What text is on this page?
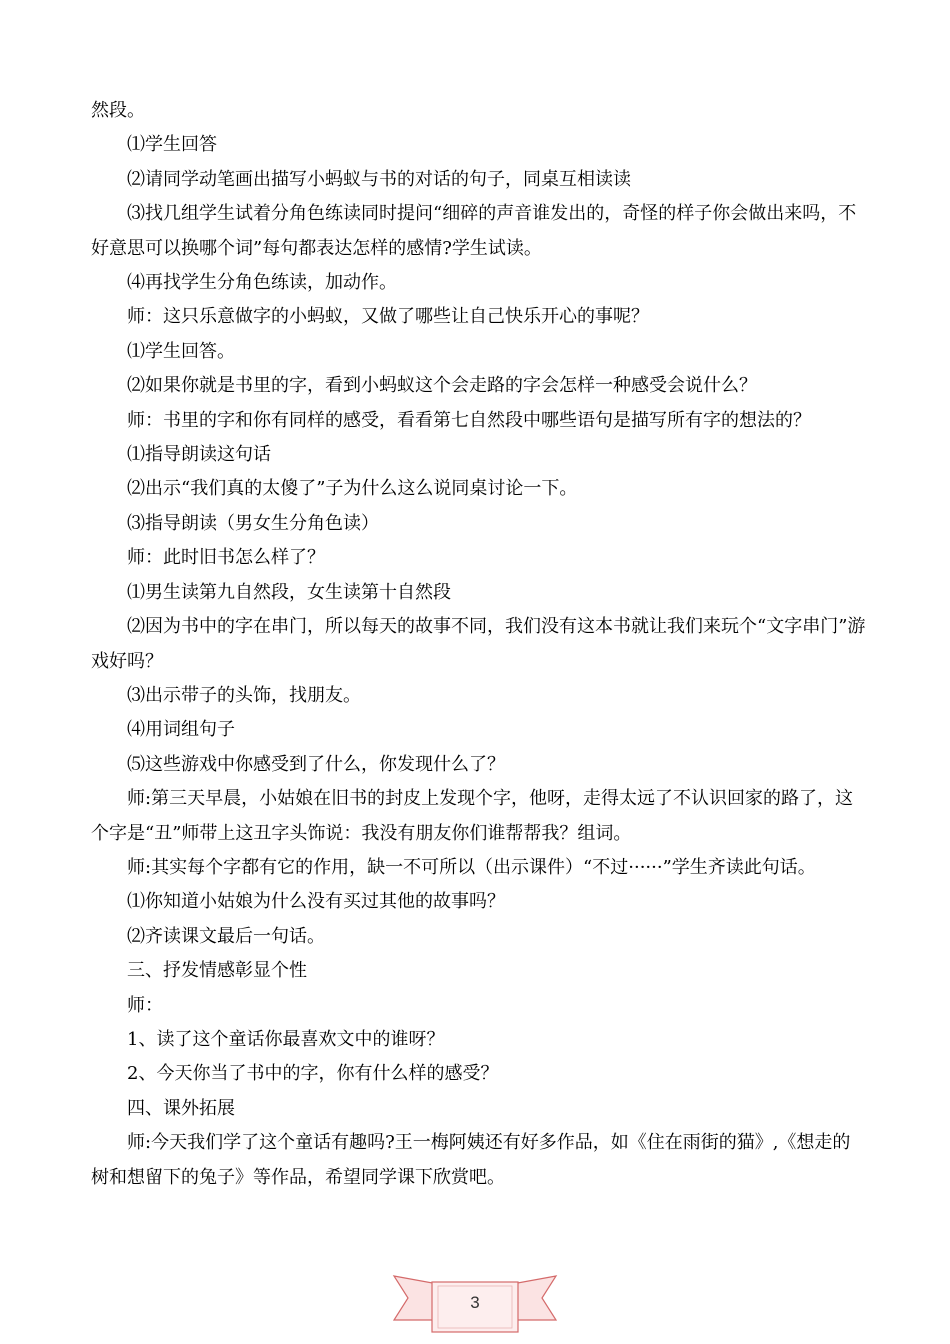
然段。

⑴学生回答

⑵请同学动笔画出描写小蚂蚁与书的对话的句子，同桌互相读读

⑶找几组学生试着分角色练读同时提问“细碎的声音谁发出的，奇怪的样子你会做出来吗，不好意思可以换哪个词”每句都表达怎样的感情?学生试读。

⑷再找学生分角色练读，加动作。

师：这只乐意做字的小蚂蚁，又做了哪些让自己快乐开心的事呢？

⑴学生回答。

⑵如果你就是书里的字，看到小蚂蚁这个会走路的字会怎样一种感受会说什么？

师：书里的字和你有同样的感受，看看第七自然段中哪些语句是描写所有字的想法的？

⑴指导朗读这句话

⑵出示“我们真的太傻了”子为什么这么说同桌讨论一下。

⑶指导朗读（男女生分角色读）

师：此时旧书怎么样了？

⑴男生读第九自然段，女生读第十自然段

⑵因为书中的字在串门，所以每天的故事不同，我们没有这本书就让我们来玩个“文字串门”游戏好吗？

⑶出示带子的头饰，找朋友。

⑷用词组句子

⑸这些游戏中你感受到了什么，你发现什么了？

师:第三天早晨，小姑娘在旧书的封皮上发现个字，他呀，走得太远了不认识回家的路了，这个字是“丑”师带上这丑字头饰说：我没有朋友你们谁帮帮我？组词。

师:其实每个字都有它的作用，缺一不可所以（出示课件）“不过······”学生齐读此句话。

⑴你知道小姑娘为什么没有买过其他的故事吗？

⑵齐读课文最后一句话。

三、抒发情感彰显个性

师：

1、读了这个童话你最喜欢文中的谁呀？

2、今天你当了书中的字，你有什么样的感受？

四、课外拓展

师:今天我们学了这个童话有趣吗?王一梅阿姨还有好多作品，如《住在雨街的猫》,《想走的树和想留下的兔子》等作品，希望同学课下欣赏吧。

3
